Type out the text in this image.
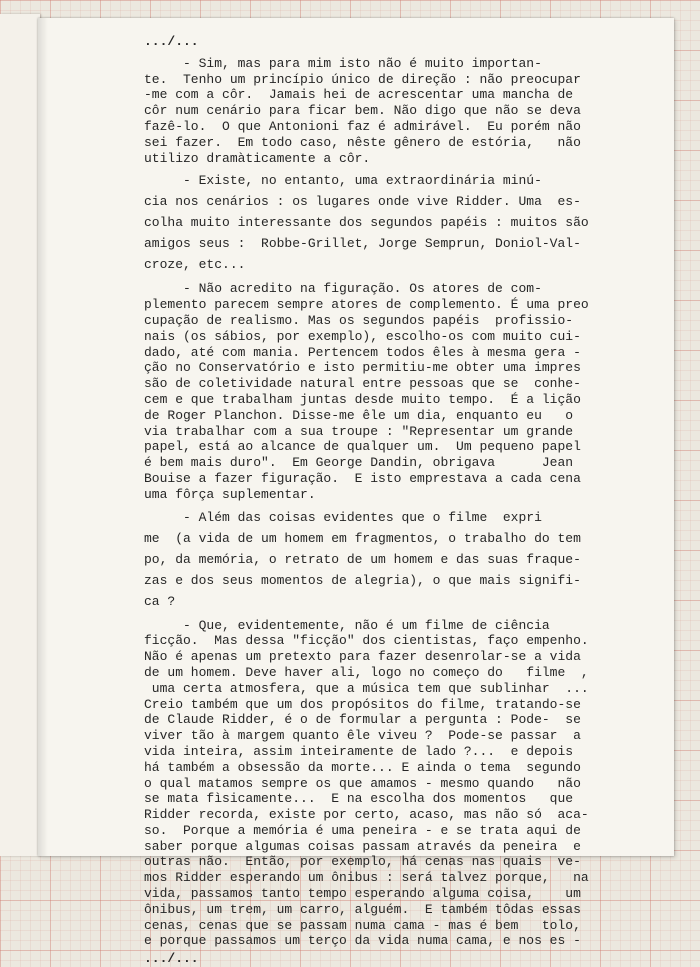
.../...
- Sim, mas para mim isto não é muito importan-
te.  Tenho um princípio único de direção : não preocupar
-me com a côr.  Jamais hei de acrescentar uma mancha de
côr num cenário para ficar bem. Não digo que não se deva
fazê-lo.  O que Antonioni faz é admirável.  Eu porém não
sei fazer.  Em todo caso, nêste gênero de estória,   não
utilizo dramàticamente a côr.
- Existe, no entanto, uma extraordinária minú-
cia nos cenários : os lugares onde vive Ridder. Uma  es-
colha muito interessante dos segundos papéis : muitos são
amigos seus :  Robbe-Grillet, Jorge Semprun, Doniol-Val-
croze, etc...
- Não acredito na figuração. Os atores de com-
plemento parecem sempre atores de complemento. É uma preo
cupação de realismo. Mas os segundos papéis  profissio-
nais (os sábios, por exemplo), escolho-os com muito cui-
dado, até com mania. Pertencem todos êles à mesma gera -
ção no Conservatório e isto permitiu-me obter uma impres
são de coletividade natural entre pessoas que se  conhe-
cem e que trabalham juntas desde muito tempo.  É a lição
de Roger Planchon. Disse-me êle um dia, enquanto eu   o
via trabalhar com a sua troupe : "Representar um grande
papel, está ao alcance de qualquer um.  Um pequeno papel
é bem mais duro".  Em George Dandin, obrigava      Jean
Bouise a fazer figuração.  E isto emprestava a cada cena
uma fôrça suplementar.
- Além das coisas evidentes que o filme  expri
me  (a vida de um homem em fragmentos, o trabalho do tem
po, da memória, o retrato de um homem e das suas fraque-
zas e dos seus momentos de alegria), o que mais signifi-
ca ?
- Que, evidentemente, não é um filme de ciência
ficção.  Mas dessa "ficção" dos cientistas, faço empenho.
Não é apenas um pretexto para fazer desenrolar-se a vida
de um homem. Deve haver ali, logo no começo do   filme  ,
uma certa atmosfera, que a música tem que sublinhar  ...
Creio também que um dos propósitos do filme, tratando-se
de Claude Ridder, é o de formular a pergunta : Pode-  se
viver tão à margem quanto êle viveu ?  Pode-se passar  a
vida inteira, assim inteiramente de lado ?...  e depois
há também a obsessão da morte... E ainda o tema  segundo
o qual matamos sempre os que amamos - mesmo quando   não
se mata fìsicamente...  E na escolha dos momentos   que
Ridder recorda, existe por certo, acaso, mas não só  aca-
so.  Porque a memória é uma peneira - e se trata aqui de
saber porque algumas coisas passam através da peneira  e
outras não.  Então, por exemplo, há cenas nas quais  ve-
mos Ridder esperando um ônibus : será talvez porque,   na
vida, passamos tanto tempo esperando alguma coisa,    um
ônibus, um trem, um carro, alguém.  E também tôdas essas
cenas, cenas que se passam numa cama - mas é bem   tolo,
e porque passamos um terço da vida numa cama, e nos es -
.../...
